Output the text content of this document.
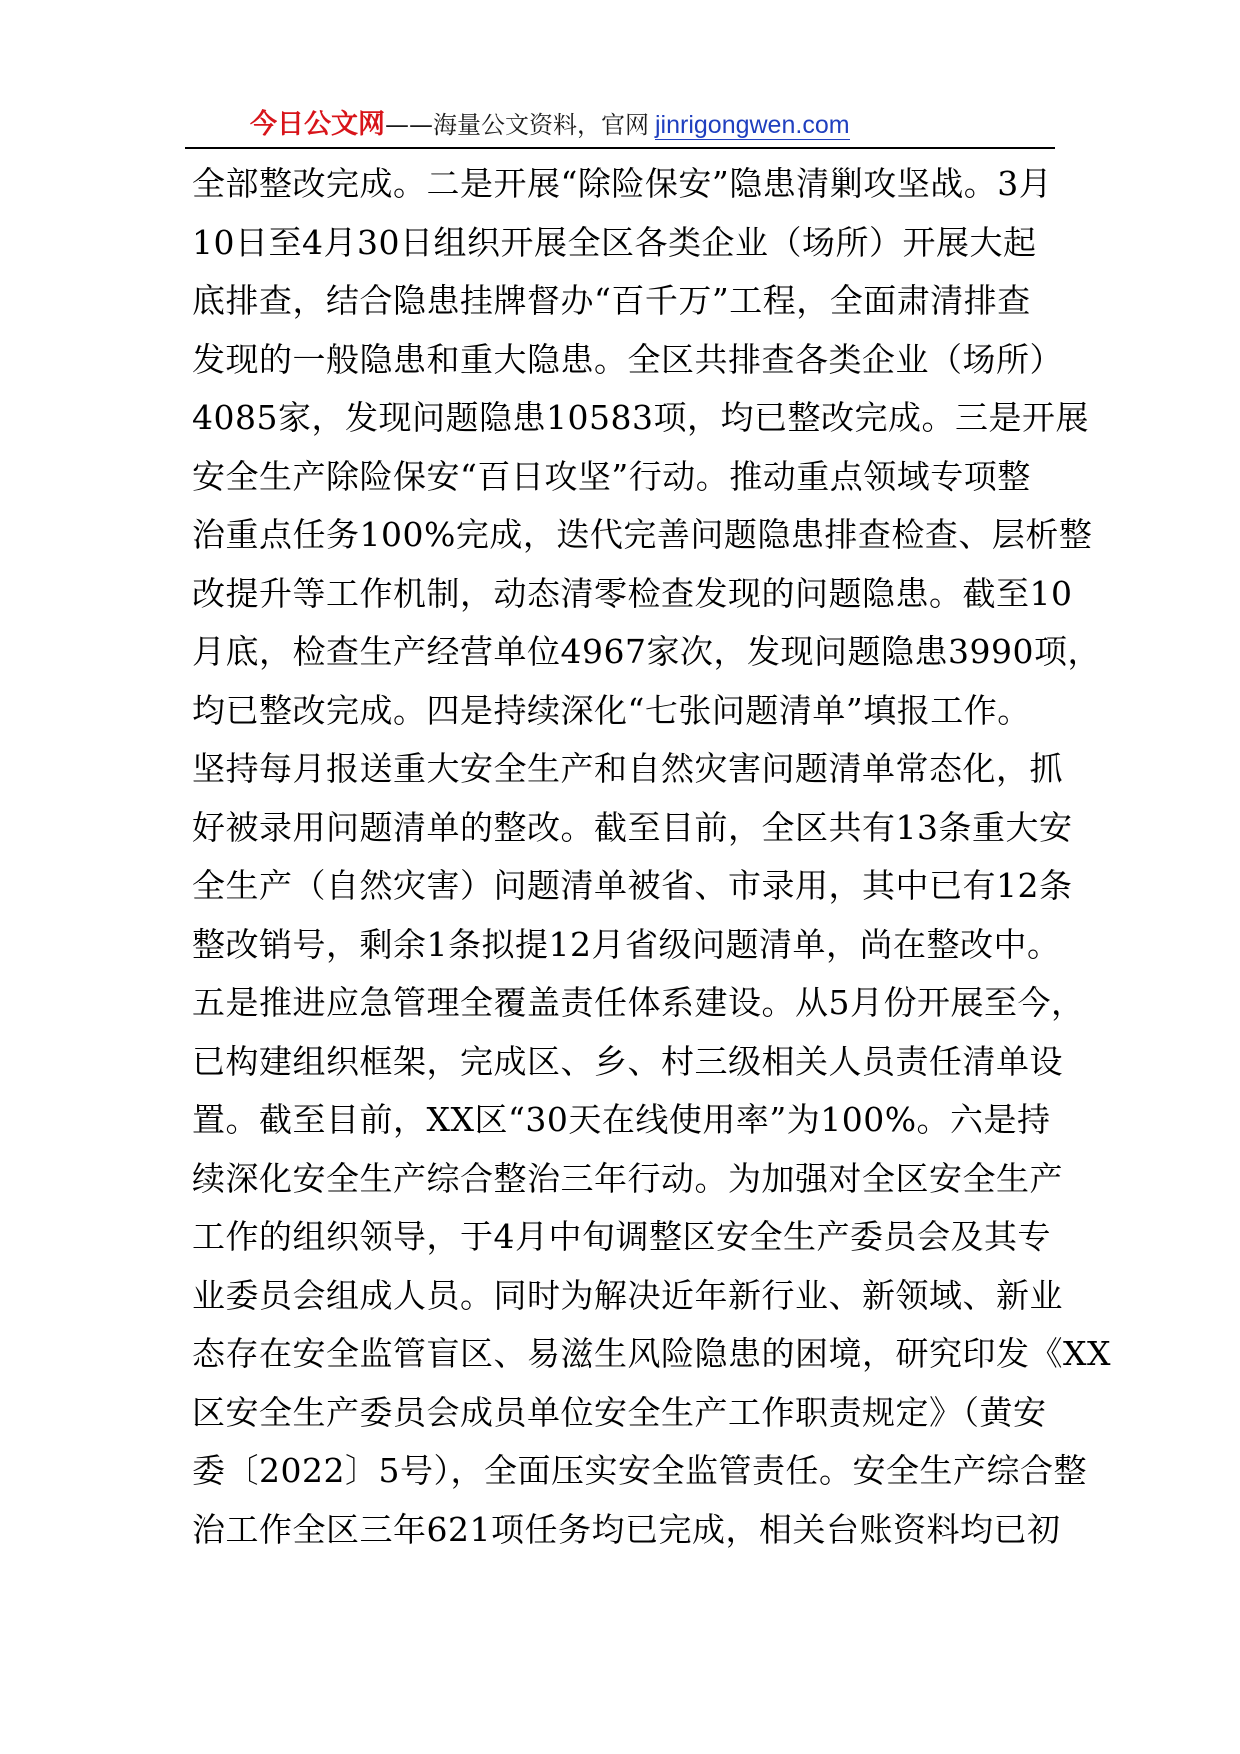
今日公文网——海量公文资料，官网 jinrigongwen.com
全部整改完成。二是开展“除险保安”隐患清剿攻坚战。3月
10日至4月30日组织开展全区各类企业（场所）开展大起
底排查，结合隐患挂牌督办“百千万”工程，全面肃清排查
发现的一般隐患和重大隐患。全区共排查各类企业（场所）
4085家，发现问题隐患10583项，均已整改完成。三是开展
安全生产除险保安“百日攻坚”行动。推动重点领域专项整
治重点任务100%完成，迭代完善问题隐患排查检查、层析整
改提升等工作机制，动态清零检查发现的问题隐患。截至10
月底，检查生产经营单位4967家次，发现问题隐患3990项，
均已整改完成。四是持续深化“七张问题清单”填报工作。
坚持每月报送重大安全生产和自然灾害问题清单常态化，抓
好被录用问题清单的整改。截至目前，全区共有13条重大安
全生产（自然灾害）问题清单被省、市录用，其中已有12条
整改销号，剩余1条拟提12月省级问题清单，尚在整改中。
五是推进应急管理全覆盖责任体系建设。从5月份开展至今，
已构建组织框架，完成区、乡、村三级相关人员责任清单设
置。截至目前，XX区“30天在线使用率”为100%。六是持
续深化安全生产综合整治三年行动。为加强对全区安全生产
工作的组织领导，于4月中旬调整区安全生产委员会及其专
业委员会组成人员。同时为解决近年新行业、新领域、新业
态存在安全监管盲区、易滋生风险隐患的困境，研究印发《XX
区安全生产委员会成员单位安全生产工作职责规定》（黄安
委〔2022〕5号），全面压实安全监管责任。安全生产综合整
治工作全区三年621项任务均已完成，相关台账资料均已初
